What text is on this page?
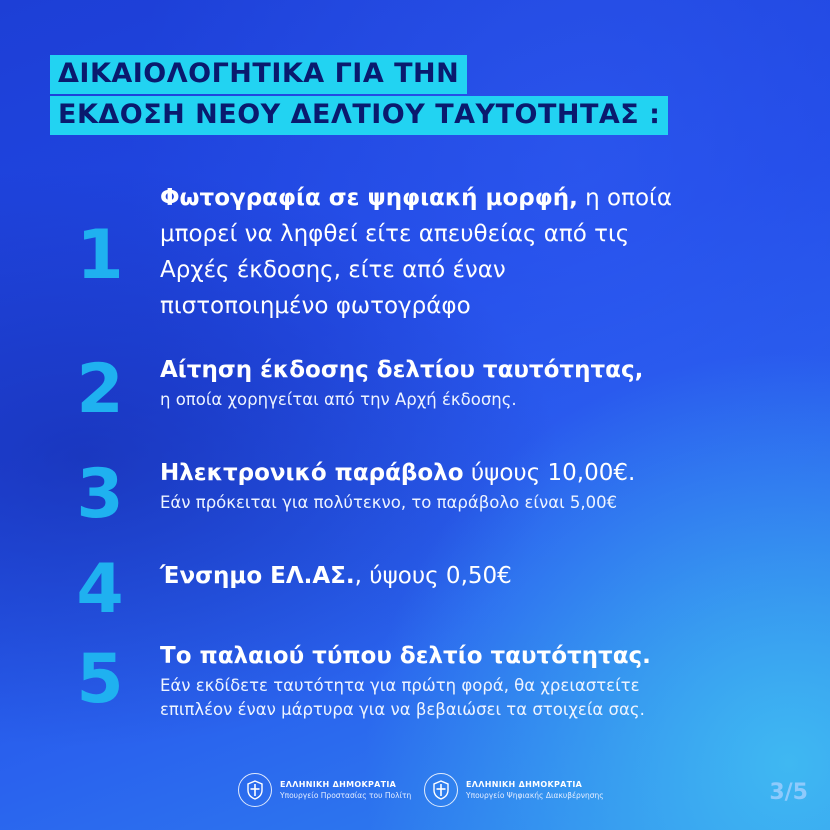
ΔΙΚΑΙΟΛΟΓΗΤΙΚΑ ΓΙΑ ΤΗΝ
ΕΚΔΟΣΗ ΝΕΟΥ ΔΕΛΤΙΟΥ ΤΑΥΤΟΤΗΤΑΣ :
1
Φωτογραφία σε ψηφιακή μορφή, η οποία
μπορεί να ληφθεί είτε απευθείας από τις
Αρχές έκδοσης, είτε από έναν
πιστοποιημένο φωτογράφο
2	Αίτηση έκδοσης δελτίου ταυτότητας,
η οποία χορηγείται από την Αρχή έκδοσης.
3	Ηλεκτρονικό παράβολο ύψους 10,00€.
Εάν πρόκειται για πολύτεκνο, το παράβολο είναι 5,00€
4	Ένσημο ΕΛ.ΑΣ., ύψους 0,50€
5	Το παλαιού τύπου δελτίο ταυτότητας.
Εάν εκδίδετε ταυτότητα για πρώτη φορά, θα χρειαστείτε
επιπλέον έναν μάρτυρα για να βεβαιώσει τα στοιχεία σας.
ΕΛΛΗΝΙΚΗ ΔΗΜΟΚΡΑΤΙΑ
Υπουργείο Προστασίας του Πολίτη
ΕΛΛΗΝΙΚΗ ΔΗΜΟΚΡΑΤΙΑ
Υπουργείο Ψηφιακής Διακυβέρνησης	3/5
